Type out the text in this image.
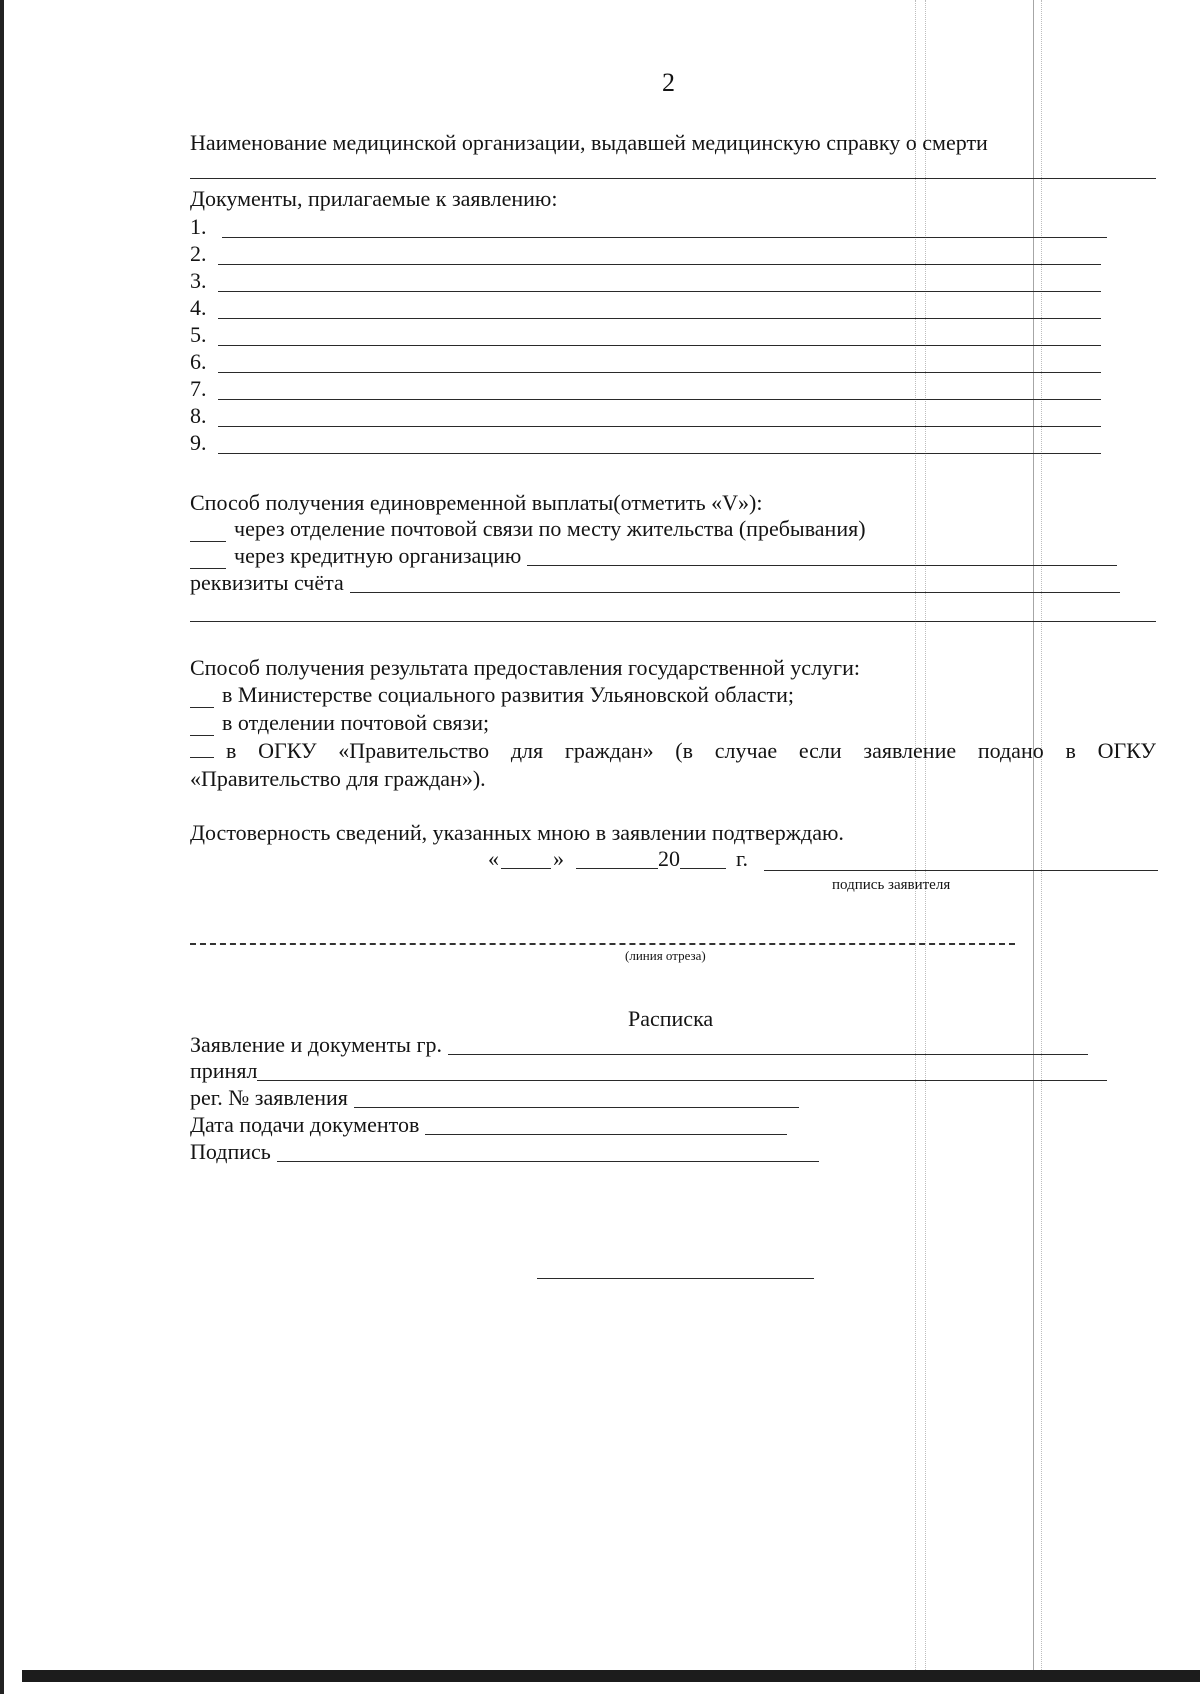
2
Наименование медицинской организации, выдавшей медицинскую справку о смерти
Документы, прилагаемые к заявлению:
1.
2.
3.
4.
5.
6.
7.
8.
9.
Способ получения единовременной выплаты(отметить «V»):
через отделение почтовой связи по месту жительства (пребывания)
через кредитную организацию
реквизиты счёта
Способ получения результата предоставления государственной услуги:
в Министерстве социального развития Ульяновской области;
в отделении почтовой связи;
в ОГКУ «Правительство для граждан» (в случае если заявление подано в ОГКУ
«Правительство для граждан»).
Достоверность сведений, указанных мною в заявлении подтверждаю.
« »	20	г.
подпись заявителя
(линия отреза)
Расписка
Заявление и документы гр.
принял
рег. № заявления
Дата подачи документов
Подпись
